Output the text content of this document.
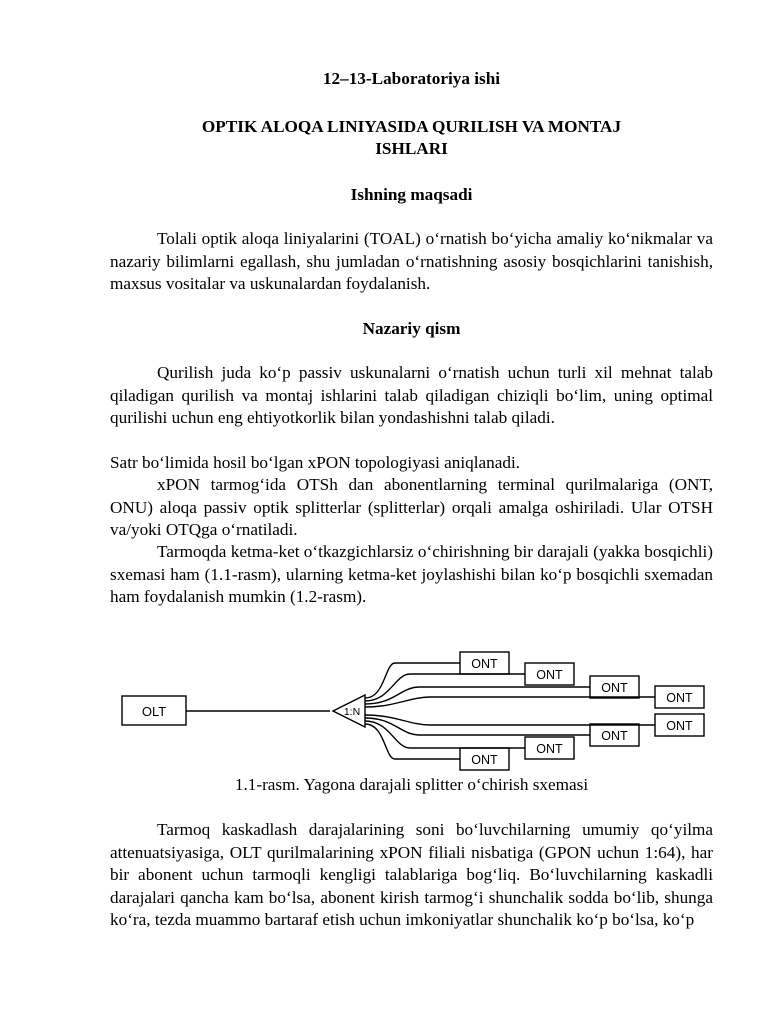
12–13-Laboratoriya ishi
OPTIK ALOQA LINIYASIDA QURILISH VA MONTAJ
ISHLARI
Ishning maqsadi

Tolali optik aloqa liniyalarini (TOAL) o‘rnatish bo‘yicha amaliy ko‘nikmalar va nazariy bilimlarni egallash, shu jumladan o‘rnatishning asosiy bosqichlarini tanishish, maxsus vositalar va uskunalardan foydalanish.

Nazariy qism

Qurilish juda ko‘p passiv uskunalarni o‘rnatish uchun turli xil mehnat talab qiladigan qurilish va montaj ishlarini talab qiladigan chiziqli bo‘lim, uning optimal qurilishi uchun eng ehtiyotkorlik bilan yondashishni talab qiladi.

Satr bo‘limida hosil bo‘lgan xPON topologiyasi aniqlanadi.

xPON tarmog‘ida OTSh dan abonentlarning terminal qurilmalariga (ONT, ONU) aloqa passiv optik splitterlar (splitterlar) orqali amalga oshiriladi. Ular OTSH va/yoki OTQga o‘rnatiladi.

Tarmoqda ketma-ket o‘tkazgichlarsiz o‘chirishning bir darajali (yakka bosqichli) sxemasi ham (1.1-rasm), ularning ketma-ket joylashishi bilan ko‘p bosqichli sxemadan ham foydalanish mumkin (1.2-rasm).

OLT	1:N
ONT
ONT
ONT
ONT
ONT
ONT
ONT
ONT
1.1-rasm. Yagona darajali splitter o‘chirish sxemasi

Tarmoq kaskadlash darajalarining soni bo‘luvchilarning umumiy qo‘yilma attenuatsiyasiga, OLT qurilmalarining xPON filiali nisbatiga (GPON uchun 1:64), har bir abonent uchun tarmoqli kengligi talablariga bog‘liq. Bo‘luvchilarning kaskadli darajalari qancha kam bo‘lsa, abonent kirish tarmog‘i shunchalik sodda bo‘lib, shunga ko‘ra, tezda muammo bartaraf etish uchun imkoniyatlar shunchalik ko‘p bo‘lsa, ko‘p
